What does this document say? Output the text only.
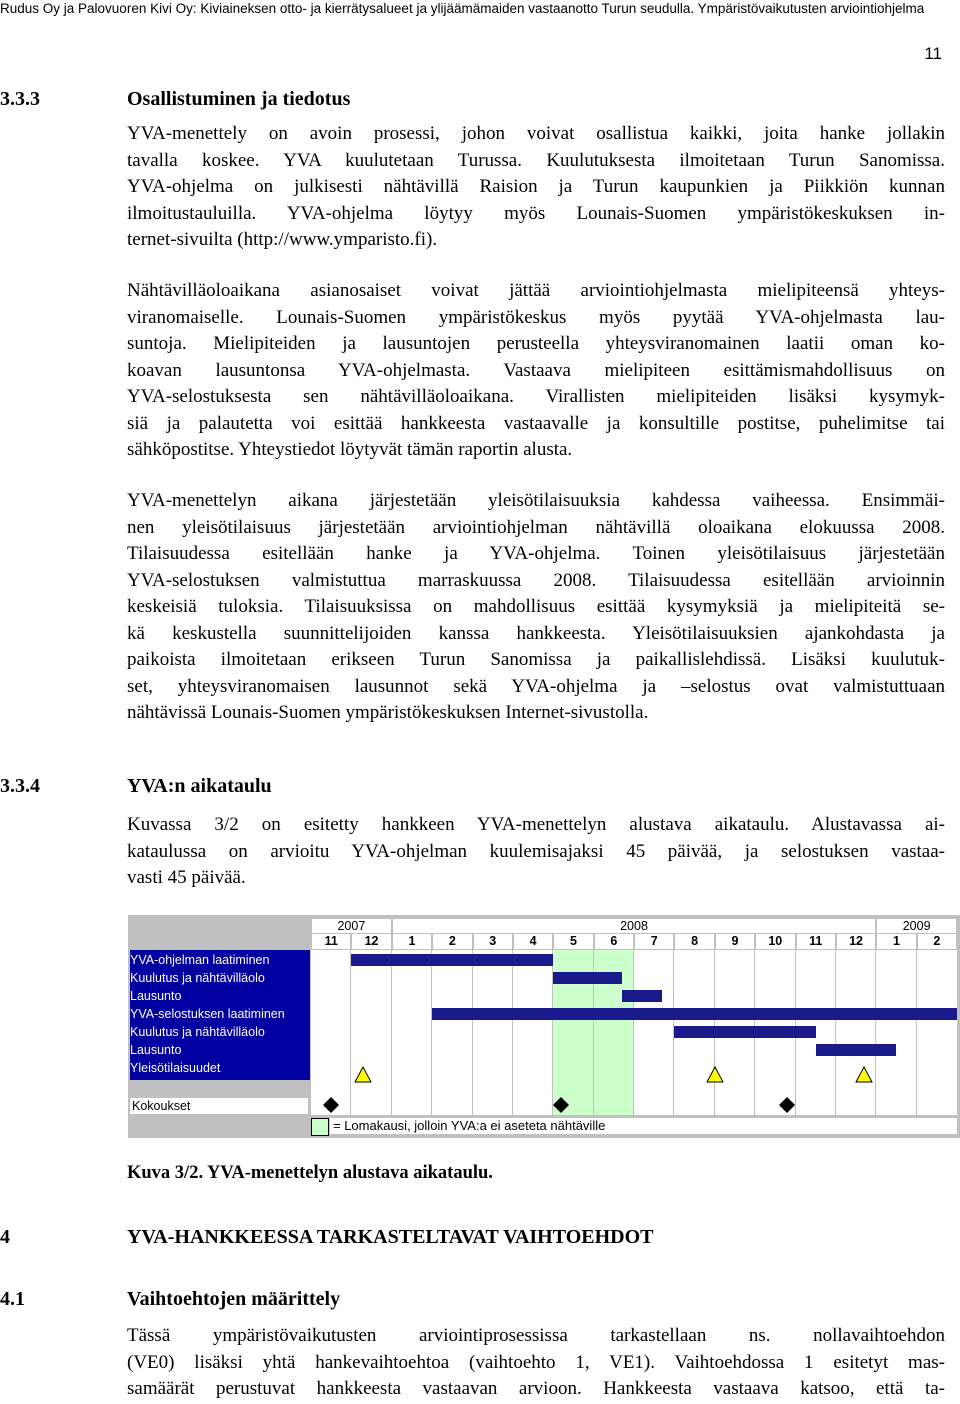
Rudus Oy ja Palovuoren Kivi Oy: Kiviaineksen otto- ja kierrätysalueet ja ylijäämämaiden vastaanotto Turun seudulla. Ympäristövaikutusten arviointiohjelma
11
3.3.3	Osallistuminen ja tiedotus
YVA-menettely on avoin prosessi, johon voivat osallistua kaikki, joita hanke jollakin
tavalla koskee. YVA kuulutetaan Turussa. Kuulutuksesta ilmoitetaan Turun Sanomissa.
YVA-ohjelma on julkisesti nähtävillä Raision ja Turun kaupunkien ja Piikkiön kunnan
ilmoitustauluilla. YVA-ohjelma löytyy myös Lounais-Suomen ympäristökeskuksen in-
ternet-sivuilta (http://www.ymparisto.fi).
Nähtävilläoloaikana asianosaiset voivat jättää arviointiohjelmasta mielipiteensä yhteys-
viranomaiselle. Lounais-Suomen ympäristökeskus myös pyytää YVA-ohjelmasta lau-
suntoja. Mielipiteiden ja lausuntojen perusteella yhteysviranomainen laatii oman ko-
koavan lausuntonsa YVA-ohjelmasta. Vastaava mielipiteen esittämismahdollisuus on
YVA-selostuksesta sen nähtävilläoloaikana. Virallisten mielipiteiden lisäksi kysymyk-
siä ja palautetta voi esittää hankkeesta vastaavalle ja konsultille postitse, puhelimitse tai
sähköpostitse. Yhteystiedot löytyvät tämän raportin alusta.
YVA-menettelyn aikana järjestetään yleisötilaisuuksia kahdessa vaiheessa. Ensimmäi-
nen yleisötilaisuus järjestetään arviointiohjelman nähtävillä oloaikana elokuussa 2008.
Tilaisuudessa esitellään hanke ja YVA-ohjelma. Toinen yleisötilaisuus järjestetään
YVA-selostuksen valmistuttua marraskuussa 2008. Tilaisuudessa esitellään arvioinnin
keskeisiä tuloksia. Tilaisuuksissa on mahdollisuus esittää kysymyksiä ja mielipiteitä se-
kä keskustella suunnittelijoiden kanssa hankkeesta. Yleisötilaisuuksien ajankohdasta ja
paikoista ilmoitetaan erikseen Turun Sanomissa ja paikallislehdissä. Lisäksi kuulutuk-
set, yhteysviranomaisen lausunnot sekä YVA-ohjelma ja –selostus ovat valmistuttuaan
nähtävissä Lounais-Suomen ympäristökeskuksen Internet-sivustolla.
3.3.4	YVA:n aikataulu
Kuvassa 3/2 on esitetty hankkeen YVA-menettelyn alustava aikataulu. Alustavassa ai-
kataulussa on arvioitu YVA-ohjelman kuulemisajaksi 45 päivää, ja selostuksen vastaa-
vasti 45 päivää.
= Lomakausi, jolloin YVA:a ei aseteta nähtäville
2007	2008	2009
11	12	1	2	3	4	5	6	7	8	9	10	11	12	1	2
YVA-ohjelman laatiminen
Kuulutus ja nähtävilläolo
Lausunto
YVA-selostuksen laatiminen
Kuulutus ja nähtävilläolo
Lausunto
Yleisötilaisuudet
Kokoukset
Kuva 3/2. YVA-menettelyn alustava aikataulu.
4	YVA-HANKKEESSA TARKASTELTAVAT VAIHTOEHDOT
4.1	Vaihtoehtojen määrittely
Tässä ympäristövaikutusten arviointiprosessissa tarkastellaan ns. nollavaihtoehdon
(VE0) lisäksi yhtä hankevaihtoehtoa (vaihtoehto 1, VE1). Vaihtoehdossa 1 esitetyt mas-
samäärät perustuvat hankkeesta vastaavan arvioon. Hankkeesta vastaava katsoo, että ta-
